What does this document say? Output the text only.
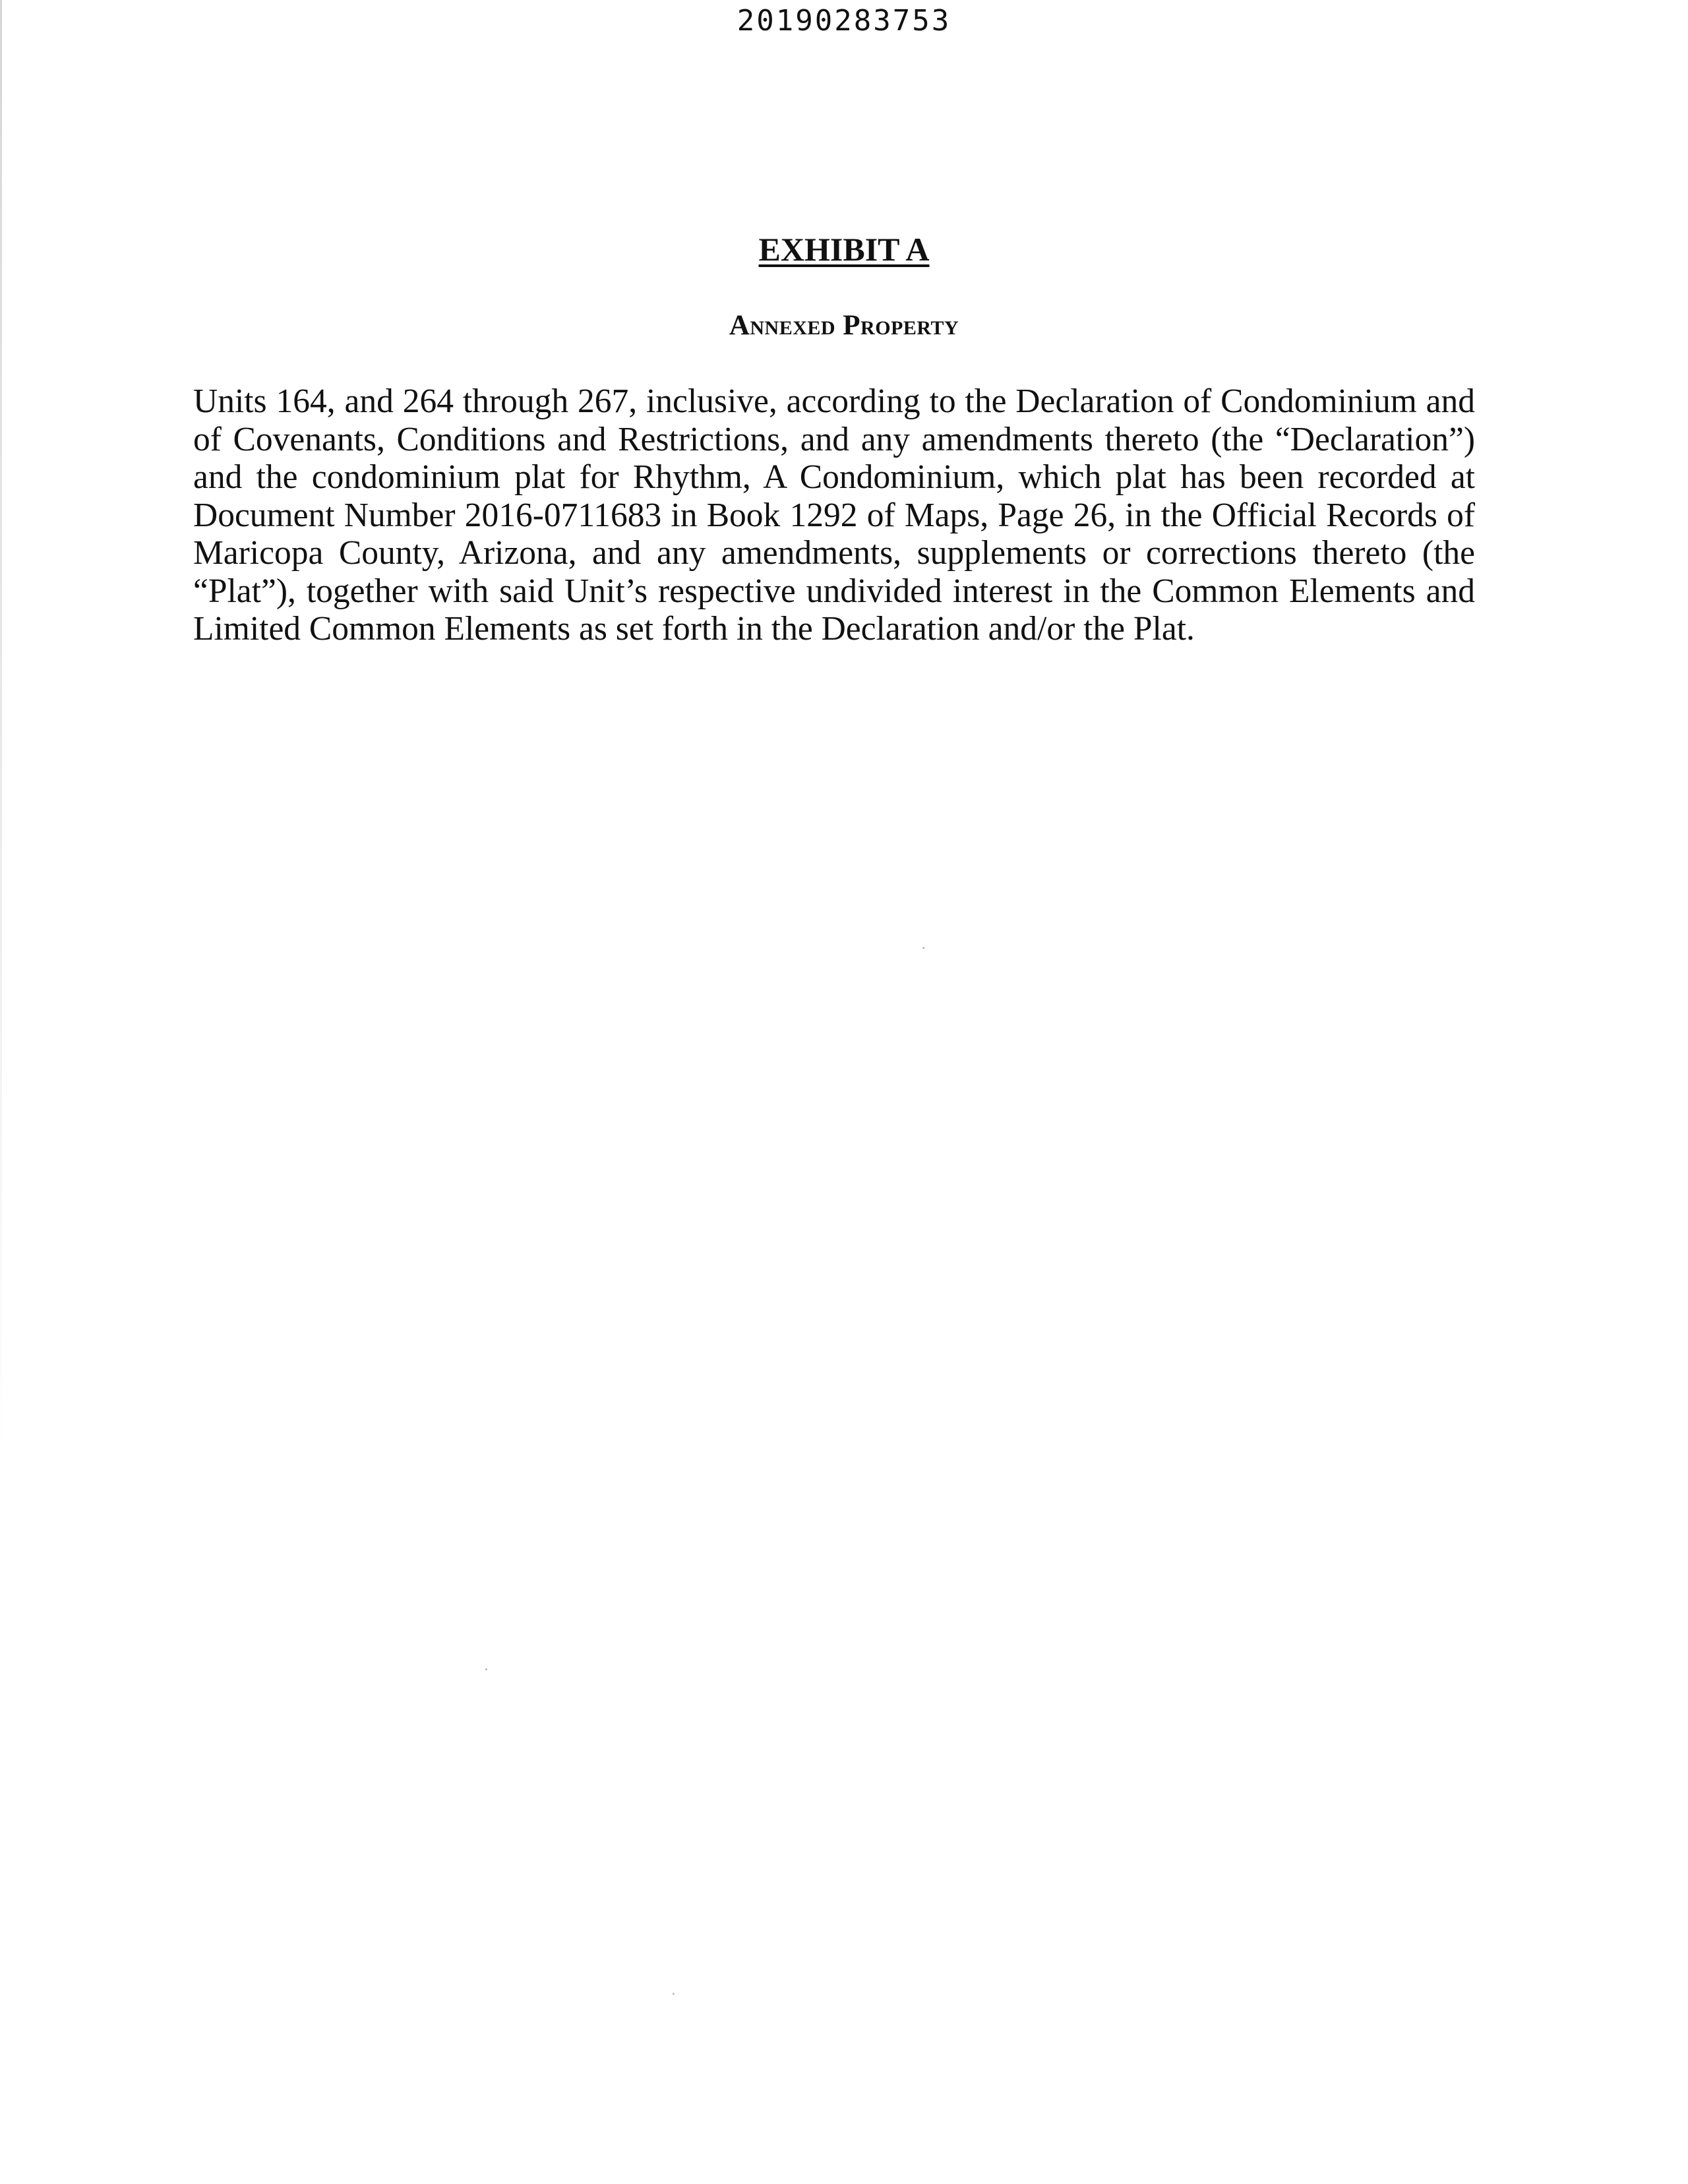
20190283753
EXHIBIT A
Annexed Property

Units 164, and 264 through 267, inclusive, according to the Declaration of Condominium and of Covenants, Conditions and Restrictions, and any amendments thereto (the “Declaration”) and the condominium plat for Rhythm, A Condominium, which plat has been recorded at Document Number 2016-0711683 in Book 1292 of Maps, Page 26, in the Official Records of Maricopa County, Arizona, and any amendments, supplements or corrections thereto (the “Plat”), together with said Unit’s respective undivided interest in the Common Elements and Limited Common Elements as set forth in the Declaration and/or the Plat.
